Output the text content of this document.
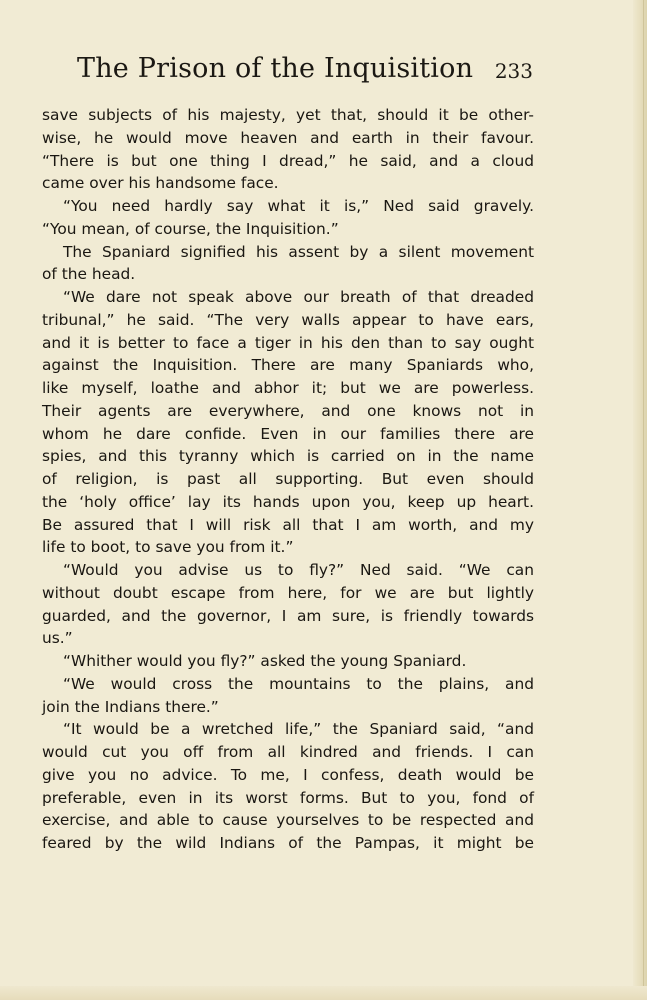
The Prison of the Inquisition 233
save subjects of his majesty, yet that, should it be other-
wise, he would move heaven and earth in their favour.
“There is but one thing I dread,” he said, and a cloud
came over his handsome face.
“You need hardly say what it is,” Ned said gravely.
“You mean, of course, the Inquisition.”
The Spaniard signified his assent by a silent movement
of the head.
“We dare not speak above our breath of that dreaded
tribunal,” he said. “The very walls appear to have ears,
and it is better to face a tiger in his den than to say ought
against the Inquisition. There are many Spaniards who,
like myself, loathe and abhor it; but we are powerless.
Their agents are everywhere, and one knows not in
whom he dare confide. Even in our families there are
spies, and this tyranny which is carried on in the name
of religion, is past all supporting. But even should
the ‘holy office’ lay its hands upon you, keep up heart.
Be assured that I will risk all that I am worth, and my
life to boot, to save you from it.”
“Would you advise us to fly?” Ned said. “We can
without doubt escape from here, for we are but lightly
guarded, and the governor, I am sure, is friendly towards
us.”
“Whither would you fly?” asked the young Spaniard.
“We would cross the mountains to the plains, and
join the Indians there.”
“It would be a wretched life,” the Spaniard said, “and
would cut you off from all kindred and friends. I can
give you no advice. To me, I confess, death would be
preferable, even in its worst forms. But to you, fond of
exercise, and able to cause yourselves to be respected and
feared by the wild Indians of the Pampas, it might be
